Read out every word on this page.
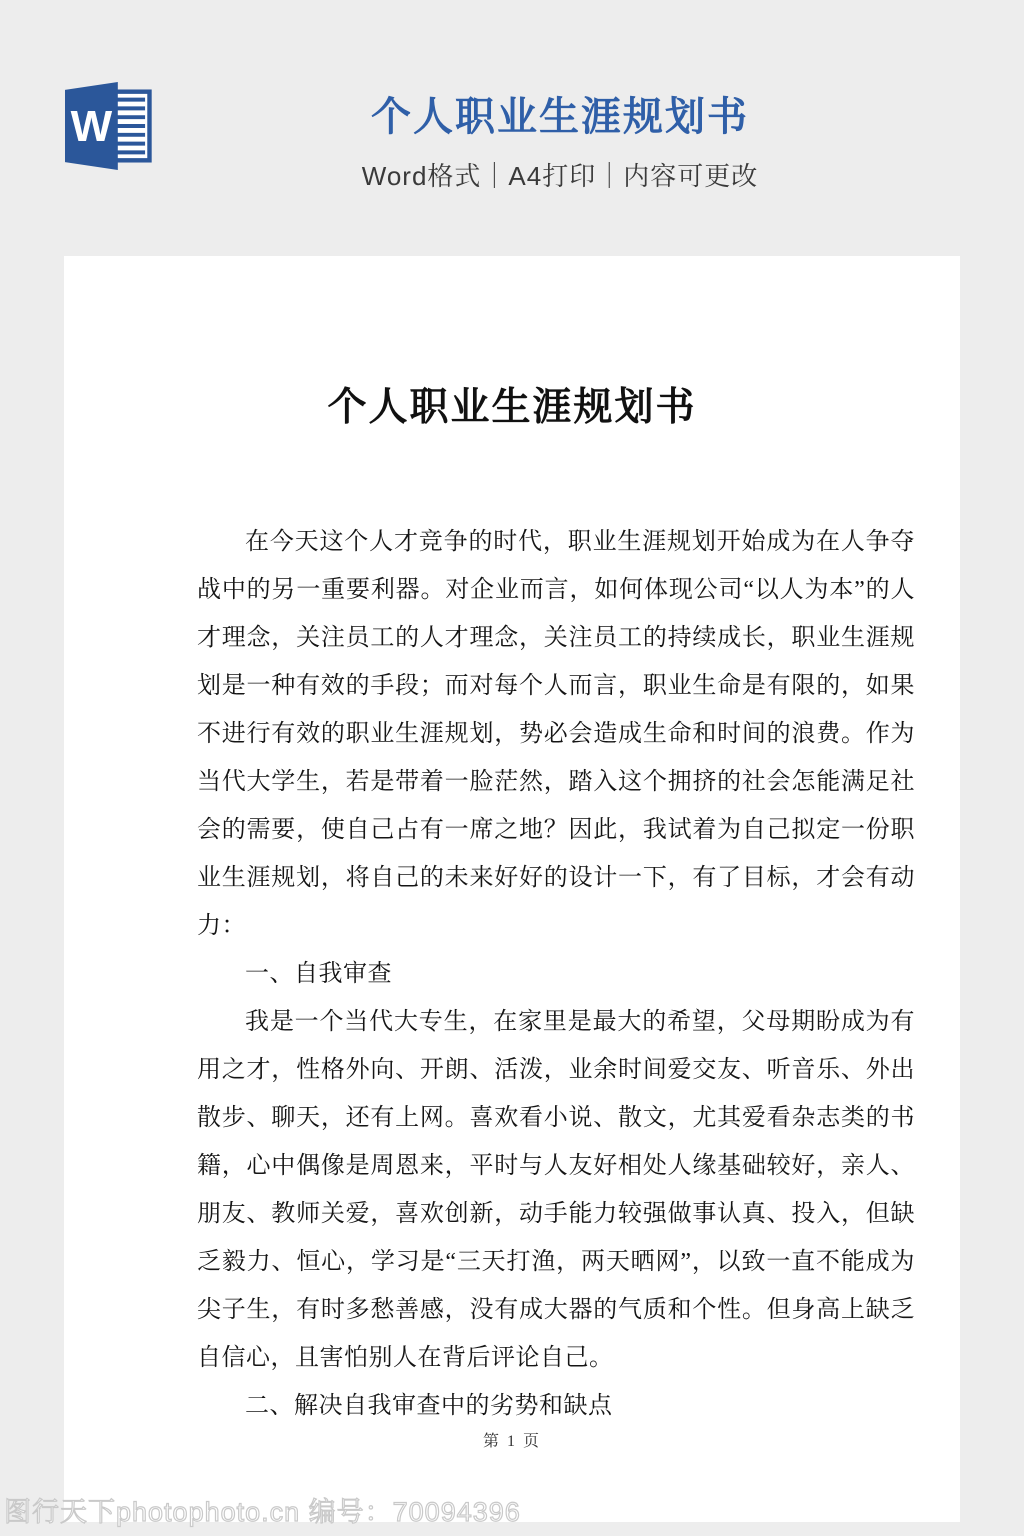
W	个人职业生涯规划书
Word格式｜A4打印｜内容可更改
个人职业生涯规划书

在今天这个人才竞争的时代，职业生涯规划开始成为在人争夺战中的另一重要利器。对企业而言，如何体现公司“以人为本”的人才理念，关注员工的人才理念，关注员工的持续成长，职业生涯规划是一种有效的手段；而对每个人而言，职业生命是有限的，如果不进行有效的职业生涯规划，势必会造成生命和时间的浪费。作为当代大学生，若是带着一脸茫然，踏入这个拥挤的社会怎能满足社会的需要，使自己占有一席之地？因此，我试着为自己拟定一份职业生涯规划，将自己的未来好好的设计一下，有了目标，才会有动力：

一、自我审查

我是一个当代大专生，在家里是最大的希望，父母期盼成为有用之才，性格外向、开朗、活泼，业余时间爱交友、听音乐、外出散步、聊天，还有上网。喜欢看小说、散文，尤其爱看杂志类的书籍，心中偶像是周恩来，平时与人友好相处人缘基础较好，亲人、朋友、教师关爱，喜欢创新，动手能力较强做事认真、投入，但缺乏毅力、恒心，学习是“三天打渔，两天晒网”，以致一直不能成为尖子生，有时多愁善感，没有成大器的气质和个性。但身高上缺乏自信心，且害怕别人在背后评论自己。

二、解决自我审查中的劣势和缺点

第 1 页
图行天下photophoto.cn 编号：70094396
